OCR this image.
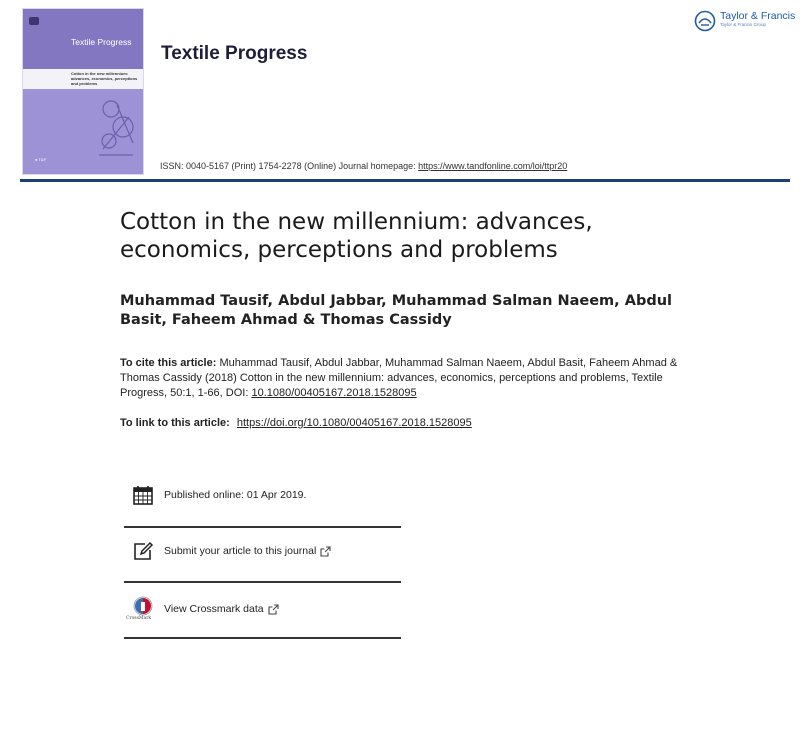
Textile Progress
Cotton in the new millennium: advances, economics, perceptions and problems
● T&F
Textile Progress
Taylor & Francis
Taylor & Francis Group
ISSN: 0040-5167 (Print) 1754-2278 (Online) Journal homepage: https://www.tandfonline.com/loi/ttpr20
Cotton in the new millennium: advances, economics, perceptions and problems
Muhammad Tausif, Abdul Jabbar, Muhammad Salman Naeem, Abdul Basit, Faheem Ahmad & Thomas Cassidy
To cite this article: Muhammad Tausif, Abdul Jabbar, Muhammad Salman Naeem, Abdul Basit, Faheem Ahmad & Thomas Cassidy (2018) Cotton in the new millennium: advances, economics, perceptions and problems, Textile Progress, 50:1, 1-66, DOI: 10.1080/00405167.2018.1528095
To link to this article: https://doi.org/10.1080/00405167.2018.1528095
Published online: 01 Apr 2019.
Submit your article to this journal
View Crossmark data
CrossMark
